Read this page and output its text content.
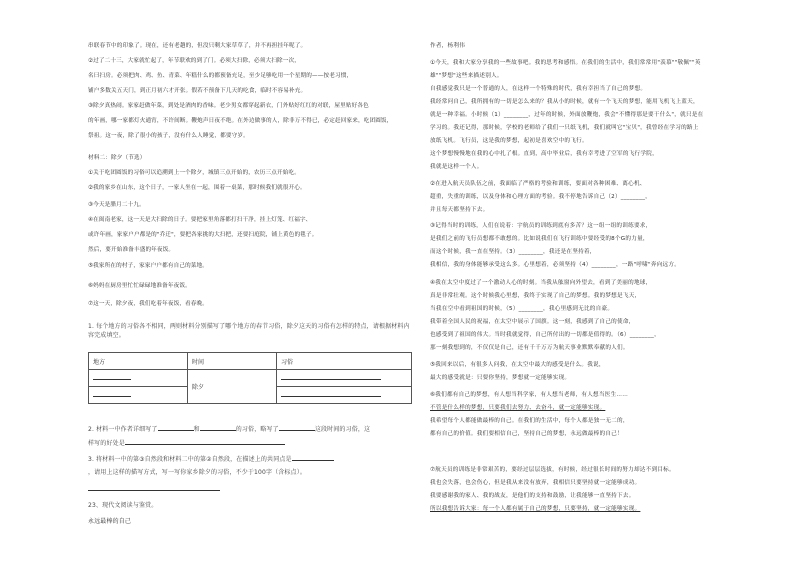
串联春节中的印象了。现在，还有老趟的，但没只剩大家草草了，并不再担挂年呢了。
②过了二十三，大家就忙起了，年节联欢的到了门。必须大扫除，必须大扫除一次，
名曰扫房。必须把肉、鸡、鱼、青菜、年糕什么的都预备充足，至少足够吃用一个星期的——按老习惯，
铺户多数关五天门，到正月初六才开张。假若不预备下几天的吃食，临时不容易补充。
③除夕真热闹。家家赶做年菜，到处是酒肉的香味。老少男女都穿起新衣，门外贴好红红的对联，屋里贴好各色
的年画，哪一家都灯火通宵，不许间断。鞭炮声日夜不绝。在外边做事的人，除非万不得已，必定赶回家来，吃团圆饭，
祭祖。这一夜，除了很小的孩子，没有什么人睡觉，都要守岁。
材料二：除夕（节选）
①关于吃团圆饭的习俗可以追溯到上一个除夕，城镇三点开始的，农历三点开始吃。
②我的家乡在山东，这个日子，一家人坐在一起，围着一桌菜，那时候我们就很开心。
③今天是腊月二十九。
④在闽南老家，这一天是大扫除的日子。要把家里角落都打扫干净，挂上灯笼、红福字、
或许年画，家家户户都是的"乔迁"，要把各家挑的大扫把，还要扫庭院，铺上黄色的毯子。
然后，要开始准备丰盛的年夜饭。
⑤我家所在的村子，家家户户都有自己的菜地。
⑥妈妈在厨房里忙忙碌碌地准备年夜饭。
⑦这一天，除夕夜，我们吃着年夜饭，看春晚。
1. 每个地方的习俗各不相同，两则材料分别描写了哪个地方的春节习俗，除夕这天的习俗有怎样的特点，请根据材料内容完成填空。
地方	时间	习俗
	除夕	

2. 材料一中作者详细写了	和	的习俗，略写了	这段时间的习俗，这
样写的好处是
3. 将材料一中的第③自然段和材料二中的第②自然段，在描述上的共同点是
，请用上这样的描写方式，写一写你家乡除夕的习俗，不少于100字（含标点）。
23、现代文阅读与鉴赏。
永远最棒的自己
作者，杨利伟
①今天，我和大家分享我的一些故事吧。我的思考和感悟。在我们的生活中，我们常常用"羡慕""敬佩""英
雄""梦想"这些来描述别人。
自我感觉我只是一个普通的人，在这样一个特殊的时代，我有幸担当了自己的梦想。
我经常问自己，我所拥有的一切是怎么来的？我从小的时候，就有一个飞天的梦想，能用飞机飞上蓝天，
就是一种幸福。小时候（1）________，过年的时候，外面放鞭炮，我会"不懂得那是要干什么"，就只是在
学习的。我还记得，那时候，学校的老师给了我们一只纸飞机，我们就叫它"宝贝"，我曾经在学习的路上
放纸飞机。飞行员，这是我的梦想，起初是喜欢空中的飞行。
这个梦想慢慢地在我的心中扎了根。直到，高中毕业后，我有幸考进了空军的飞行学院，
我就是这样一个人。
②在进入航天员队伍之前，我面临了严格的考验和训练，要面对各种困难、离心机、
超重，失重的训练，以及身体和心理方面的考验。我不停地告诉自己（2）________，
并且每天都坚持下去。
③记得当时的训练，人们在说着：宇航员的训练到底有多苦？这一组一组的训练要求，
是我们之前的飞行员想都不敢想的。比如说我们在飞行训练中要经受的8个G的力量，
而这个时候，我一直在坚持。（3）________，我还是在坚持着，
我相信，我的身体能够承受这么多。心里想着，必须坚持（4）________，一路"呼啸"奔向远方。
④我在太空中度过了一个激动人心的时刻。当我从舷窗向外望去，看到了美丽的地球，
真是非常壮观。这个时候我心里想，我终于实现了自己的梦想。我的梦想是飞天，
当我在空中看到祖国的时候，（5）________，我心里感到无比的自豪。
我带着全国人民的祝福，在太空中展示了国旗。这一刻，我感到了自己的使命，
也感受到了祖国的伟大。当时我就觉得，自己所付出的一切都是值得的。（6）________，
那一刻我想到的，不仅仅是自己，还有千千万万为航天事业默默奉献的人们。
⑤我回来以后，有很多人问我，在太空中最大的感受是什么。我说，
最大的感受就是：只要你坚持，梦想就一定能够实现。
⑥我们都有自己的梦想，有人想当科学家，有人想当老师，有人想当医生……
不管是什么样的梦想，只要我们去努力、去奋斗，就一定能够实现。
我希望每个人都能做最棒的自己。在我们的生活中，每个人都是独一无二的，
都有自己的价值。我们要相信自己，坚持自己的梦想，永远做最棒的自己！
⑦航天员的训练是非常艰苦的，要经过层层选拔，有时候，经过很长时间的努力却达不到目标。
我也会失落，也会伤心，但是我从来没有放弃，我相信只要坚持就一定能够成功。
我要感谢我的家人、我的战友，是他们的支持和鼓励，让我能够一直坚持下去。
所以我想告诉大家：每一个人都有属于自己的梦想，只要坚持，就一定能够实现。
